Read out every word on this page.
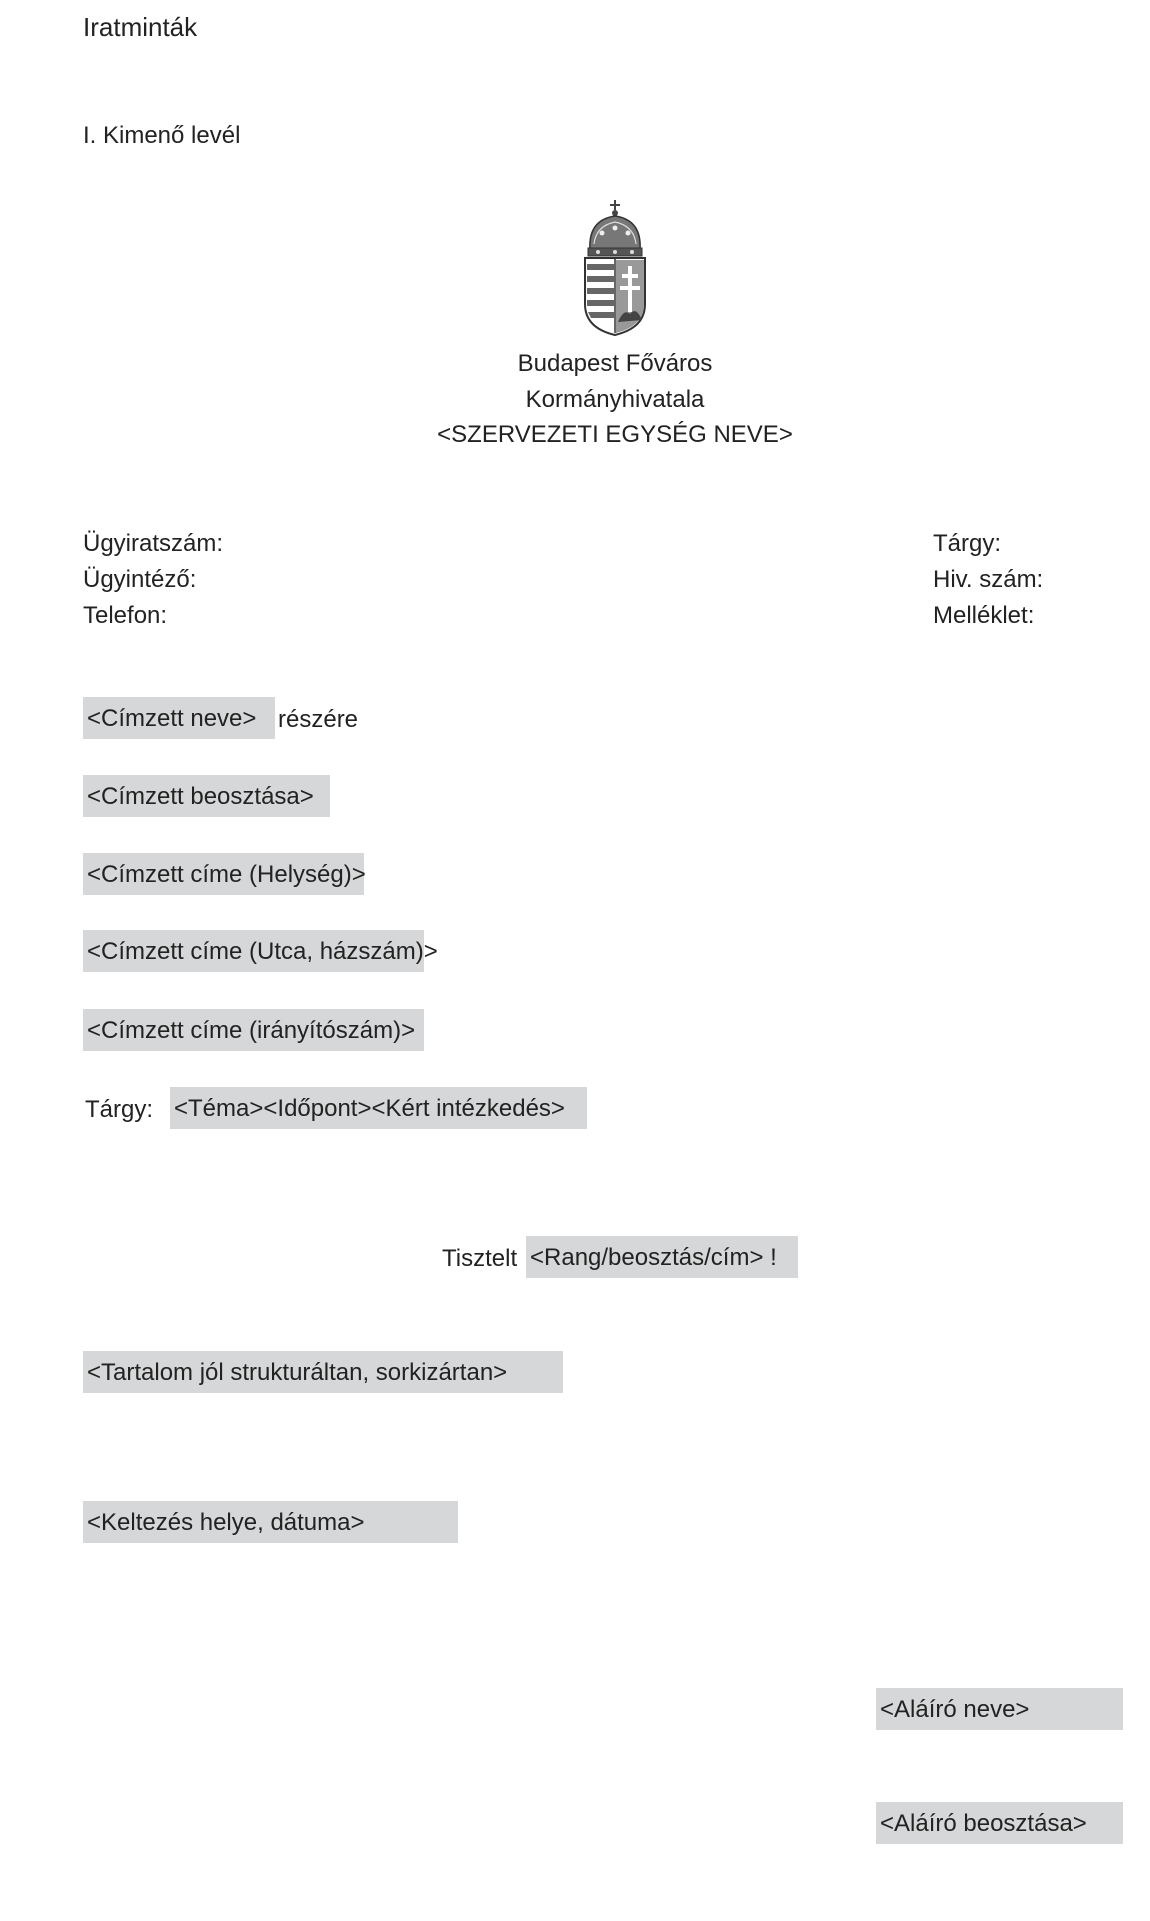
Iratminták
I. Kimenő levél
Budapest Főváros
Kormányhivatala
<SZERVEZETI EGYSÉG NEVE>
Ügyiratszám:
Ügyintéző:
Telefon:
Tárgy:
Hiv. szám:
Melléklet:
<Címzett neve> részére
<Címzett beosztása>
<Címzett címe (Helység)>
<Címzett címe (Utca, házszám)>
<Címzett címe (irányítószám)>
Tárgy: <Téma><Időpont><Kért intézkedés>
Tisztelt <Rang/beosztás/cím> !
<Tartalom jól strukturáltan, sorkizártan>
<Keltezés helye, dátuma>
<Aláíró neve>
<Aláíró beosztása>
